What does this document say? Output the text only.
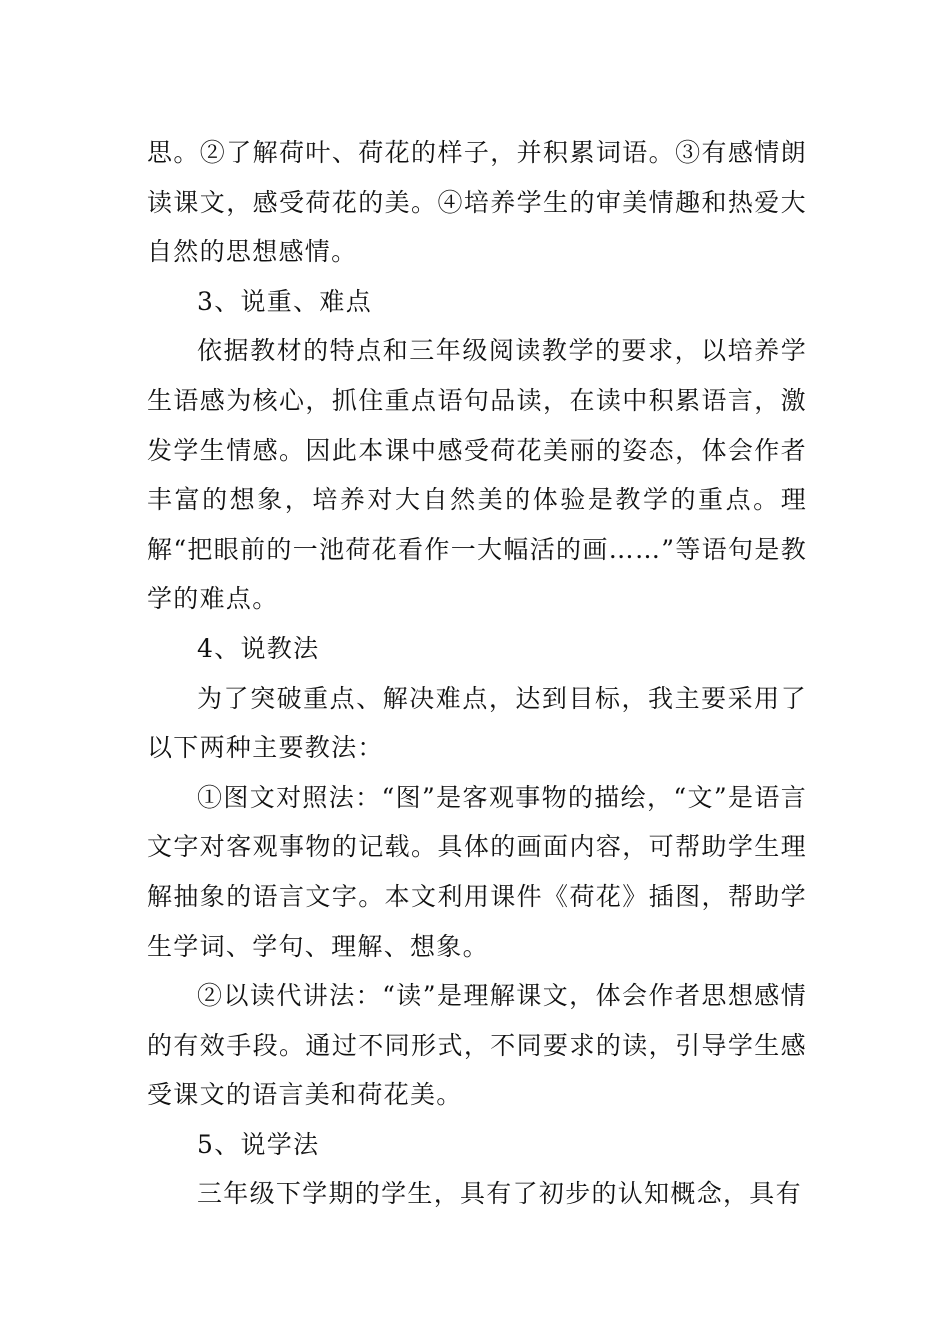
思。②了解荷叶、荷花的样子，并积累词语。③有感情朗读课文，感受荷花的美。④培养学生的审美情趣和热爱大自然的思想感情。

3、说重、难点

依据教材的特点和三年级阅读教学的要求，以培养学生语感为核心，抓住重点语句品读，在读中积累语言，激发学生情感。因此本课中感受荷花美丽的姿态，体会作者丰富的想象，培养对大自然美的体验是教学的重点。理解“把眼前的一池荷花看作一大幅活的画……”等语句是教学的难点。

4、说教法

为了突破重点、解决难点，达到目标，我主要采用了以下两种主要教法：

①图文对照法：“图”是客观事物的描绘，“文”是语言文字对客观事物的记载。具体的画面内容，可帮助学生理解抽象的语言文字。本文利用课件《荷花》插图，帮助学生学词、学句、理解、想象。

②以读代讲法：“读”是理解课文，体会作者思想感情的有效手段。通过不同形式，不同要求的读，引导学生感受课文的语言美和荷花美。

5、说学法

三年级下学期的学生，具有了初步的认知概念，具有
